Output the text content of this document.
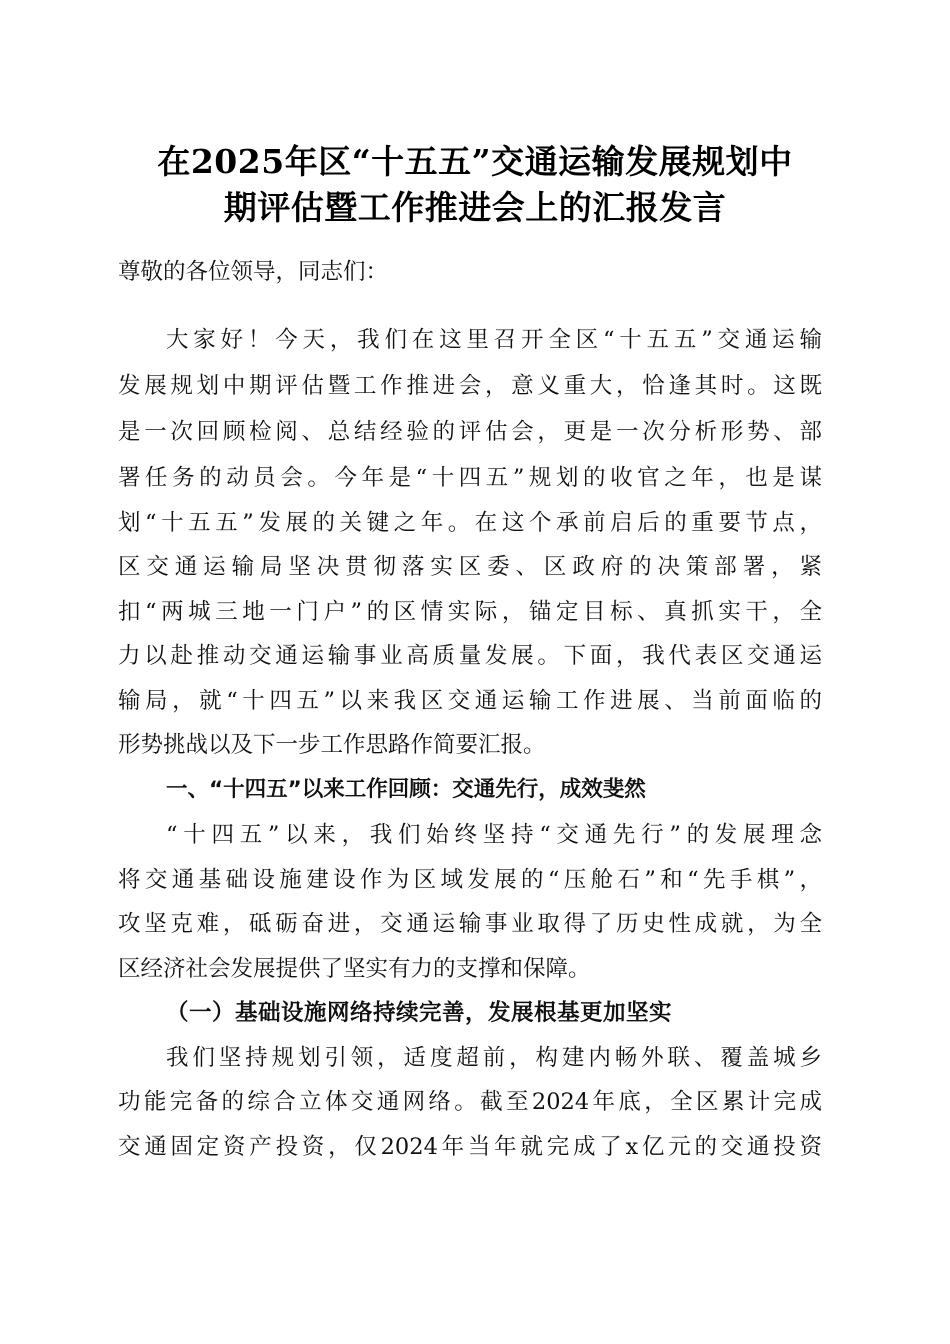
在2025年区“十五五”交通运输发展规划中
期评估暨工作推进会上的汇报发言
尊敬的各位领导，同志们：
大家好！今天，我们在这里召开全区“十五五”交通运输
发展规划中期评估暨工作推进会，意义重大，恰逢其时。这既
是一次回顾检阅、总结经验的评估会，更是一次分析形势、部
署任务的动员会。今年是“十四五”规划的收官之年，也是谋
划“十五五”发展的关键之年。在这个承前启后的重要节点，
区交通运输局坚决贯彻落实区委、区政府的决策部署，紧
扣“两城三地一门户”的区情实际，锚定目标、真抓实干，全
力以赴推动交通运输事业高质量发展。下面，我代表区交通运
输局，就“十四五”以来我区交通运输工作进展、当前面临的
形势挑战以及下一步工作思路作简要汇报。
一、“十四五”以来工作回顾：交通先行，成效斐然
“十四五”以来，我们始终坚持“交通先行”的发展理念
将交通基础设施建设作为区域发展的“压舱石”和“先手棋”，
攻坚克难，砥砺奋进，交通运输事业取得了历史性成就，为全
区经济社会发展提供了坚实有力的支撑和保障。
（一）基础设施网络持续完善，发展根基更加坚实
我们坚持规划引领，适度超前，构建内畅外联、覆盖城乡
功能完备的综合立体交通网络。截至2024年底，全区累计完成
交通固定资产投资，仅2024年当年就完成了x亿元的交通投资
